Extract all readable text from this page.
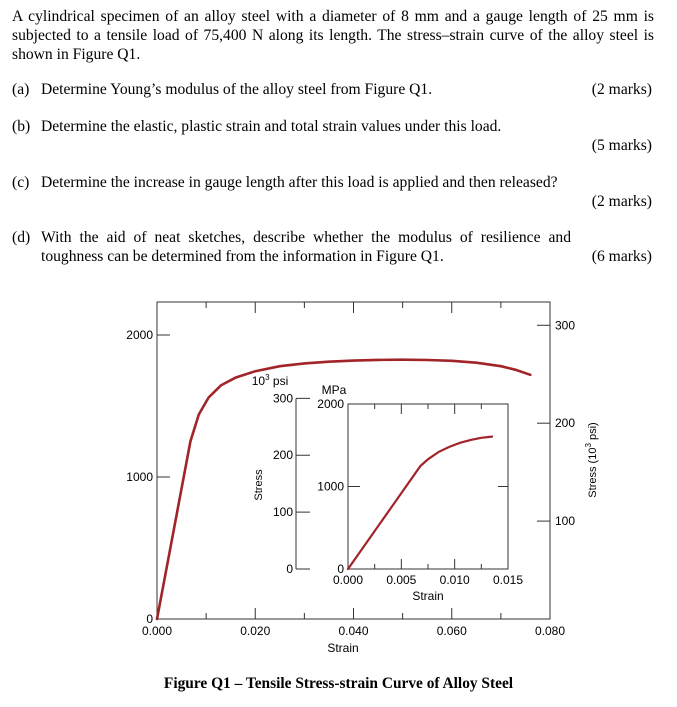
A cylindrical specimen of an alloy steel with a diameter of 8 mm and a gauge length of 25 mm is subjected to a tensile load of 75,400 N along its length. The stress–strain curve of the alloy steel is shown in Figure Q1.
(a) Determine Young’s modulus of the alloy steel from Figure Q1.	(2 marks)
(b) Determine the elastic, plastic strain and total strain values under this load.
(5 marks)
(c) Determine the increase in gauge length after this load is applied and then released?
(2 marks)
(d) With the aid of neat sketches, describe whether the modulus of resilience and toughness can be determined from the information in Figure Q1.	(6 marks)
0.000	0.020	0.040	0.060	0.080
0
1000
2000
100
200
300
Stress ($10^3$ psi)
Strain
0.000 0.005 0.010 0.015
0
1000
2000
0
100
200
300
$10^3$ psi
MPa
Stress
Strain
Figure Q1 – Tensile Stress-strain Curve of Alloy Steel
